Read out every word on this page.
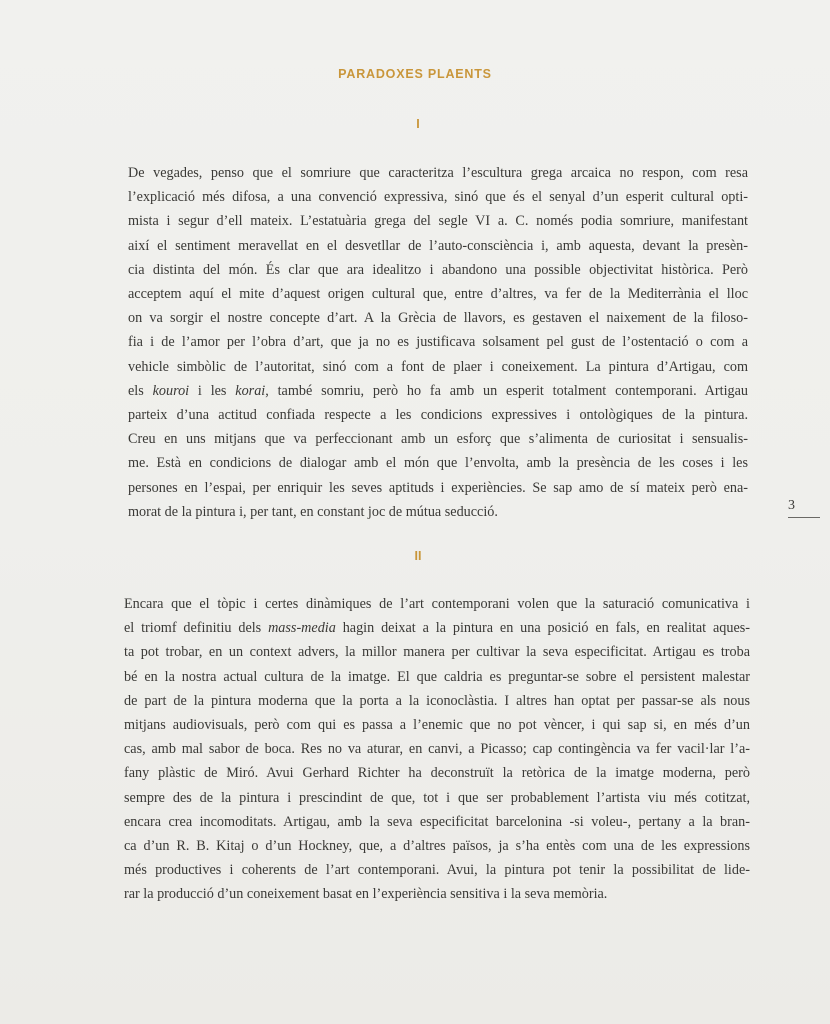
PARADOXES PLAENTS
I
De vegades, penso que el somriure que caracteritza l’escultura grega arcaica no respon, com resa
l’explicació més difosa, a una convenció expressiva, sinó que és el senyal d’un esperit cultural opti-
mista i segur d’ell mateix. L’estatuària grega del segle VI a. C. només podia somriure, manifestant
així el sentiment meravellat en el desvetllar de l’auto-consciència i, amb aquesta, devant la presèn-
cia distinta del món. És clar que ara idealitzo i abandono una possible objectivitat històrica. Però
acceptem aquí el mite d’aquest origen cultural que, entre d’altres, va fer de la Mediterrània el lloc
on va sorgir el nostre concepte d’art. A la Grècia de llavors, es gestaven el naixement de la filoso-
fia i de l’amor per l’obra d’art, que ja no es justificava solsament pel gust de l’ostentació o com a
vehicle simbòlic de l’autoritat, sinó com a font de plaer i coneixement. La pintura d’Artigau, com
els kouroi i les korai, també somriu, però ho fa amb un esperit totalment contemporani. Artigau
parteix d’una actitud confiada respecte a les condicions expressives i ontològiques de la pintura.
Creu en uns mitjans que va perfeccionant amb un esforç que s’alimenta de curiositat i sensualis-
me. Està en condicions de dialogar amb el món que l’envolta, amb la presència de les coses i les
persones en l’espai, per enriquir les seves aptituds i experiències. Se sap amo de sí mateix però ena-
morat de la pintura i, per tant, en constant joc de mútua seducció.	3
II
Encara que el tòpic i certes dinàmiques de l’art contemporani volen que la saturació comunicativa i
el triomf definitiu dels mass-media hagin deixat a la pintura en una posició en fals, en realitat aques-
ta pot trobar, en un context advers, la millor manera per cultivar la seva especificitat. Artigau es troba
bé en la nostra actual cultura de la imatge. El que caldria es preguntar-se sobre el persistent malestar
de part de la pintura moderna que la porta a la iconoclàstia. I altres han optat per passar-se als nous
mitjans audiovisuals, però com qui es passa a l’enemic que no pot vèncer, i qui sap si, en més d’un
cas, amb mal sabor de boca. Res no va aturar, en canvi, a Picasso; cap contingència va fer vacil·lar l’a-
fany plàstic de Miró. Avui Gerhard Richter ha deconstruït la retòrica de la imatge moderna, però
sempre des de la pintura i prescindint de que, tot i que ser probablement l’artista viu més cotitzat,
encara crea incomoditats. Artigau, amb la seva especificitat barcelonina -si voleu-, pertany a la bran-
ca d’un R. B. Kitaj o d’un Hockney, que, a d’altres països, ja s’ha entès com una de les expressions
més productives i coherents de l’art contemporani. Avui, la pintura pot tenir la possibilitat de lide-
rar la producció d’un coneixement basat en l’experiència sensitiva i la seva memòria.
